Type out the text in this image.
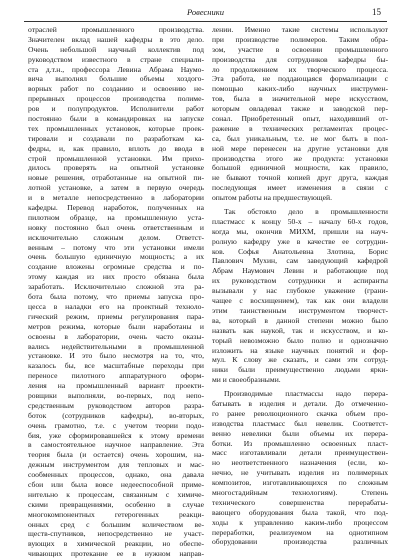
Ровесники	15
отраслей промышленного производства.
Значителен вклад нашей кафедры в это дело.
Очень небольшой научный коллектив под
руководством известного в стране специали-
ста д.т.н., профессора Левина Абрама Наумо-
вича выполнял большие объемы хоздого-
ворных работ по созданию и освоению не-
прерывных процессов производства полиме-
ров и полупродуктов. Исполнители работ
постоянно были в командировках на запуске
тех промышленных установок, которые проек-
тировали и создавали по разработкам ка-
федры, и, как правило, вплоть до ввода в
строй промышленной установки. Им прихо-
дилось проверять на опытной установке
новые решения, отработанные на опытной пи-
лотной установке, а затем в первую очередь
и в металле непосредственно в лаборатории
кафедры. Перевод наработок, полученных на
пилотном образце, на промышленную уста-
новку постоянно был очень ответственным и
исключительно сложным делом. Ответст-
венным – потому что эти установки имели
очень большую единичную мощность; а их
создание вложены огромные средства и по-
этому каждая из них просто обязана была
заработать. Исключительно сложной эта ра-
бота была потому, что приемы запуска про-
цесса в наладки его на проектный техноло-
гический режим, приемы регулирования пара-
метров режима, которые были наработаны и
освоены в лаборатории, очень часто оказы-
вались недействительными в промышленной
установке. И это было несмотря на то, что,
казалось бы, все масштабные переходы при
переносе пилотного аппаратурного оформ-
ления на промышленный вариант проекти-
ровщики выполняли, во-первых, под непо-
средственным руководством авторов разра-
боток (сотрудников кафедры), во-вторых,
очень грамотно, т.е. с учетом теории подо-
бия, уже сформировавшейся к этому времени
в самостоятельное научное направление. Эта
теория была (и остается) очень хорошим, на-
дежным инструментом для тепловых и мас-
сообменных процессов, однако, она давала
сбои или была вовсе недееспособной приме-
нительно к процессам, связанным с химиче-
скими превращениями, особенно в случае
многокомпонентных гетерогенных реакци-
онных сред с большим количеством ве-
ществ-спутников, непосредственно не участ-
вующих в химической реакции, но обеспе-
чивающих протекание ее в нужном направ-
лении. Именно такие системы используют
при производстве полимеров. Таким обра-
зом, участие в освоении промышленного
производства для сотрудников кафедры бы-
ло продолжением их творческого процесса.
Эта работа, не поддающаяся формализации с
помощью каких-либо научных инструмен-
тов, была в значительной мере искусством,
которым овладевал также и заводской пер-
сонал. Приобретенный опыт, находивший от-
ражение в технических регламентах процес-
са, был уникальным, т.е. не мог быть в пол-
ной мере перенесен на другие установки для
производства этого же продукта: установки
большой единичной мощности, как правило,
не бывают точной копией друг друга, каждая
последующая имеет изменения в связи с
опытом работы на предшествующей.
Так обстояло дело в промышленности
пластмасс к концу 50-х – началу 60-х годов,
когда мы, окончив МИХМ, пришли на науч-
ролную кафедру уже в качестве ее сотрудни-
ков. Софья Анатольевна Злотина, Борис
Павлович Мухин, сам заведующий кафедрой
Абрам Наумович Левин и работающие под
их руководством сотрудники и аспиранты
вызывали у нас глубокое уважение (грани-
чащее с восхищением), так как они владели
этим таинственным инструментом творчест-
ва, который в данной степени можно было
назвать как наукой, так и искусством, и ко-
торый невозможно было полно и однозначно
изложить на языке научных понятий и фор-
мул. К слову же сказать, и сами эти сотруд-
ники были преимущественно людьми ярки-
ми и своеобразными.
Производимые пластмассы надо перера-
батывать в изделия и детали. До отмеченно-
го ранее революционного скачка объем про-
изводства пластмасс был невелик. Соответст-
венно невелики были объемы их перера-
ботки. Из промышленно освоенных пласт-
масс изготавливали детали преимуществен-
но неответственного назначения (если, ко-
нечно, не учитывать изделия из полимерных
композитов, изготавливающихся по сложным
многостадийным технологиям). Степень
технического совершенства перерабаты-
вающего оборудования была такой, что под-
ходы к управлению каким-либо процессом
переработки, реализуемом на однотипном
оборудовании производства различных
